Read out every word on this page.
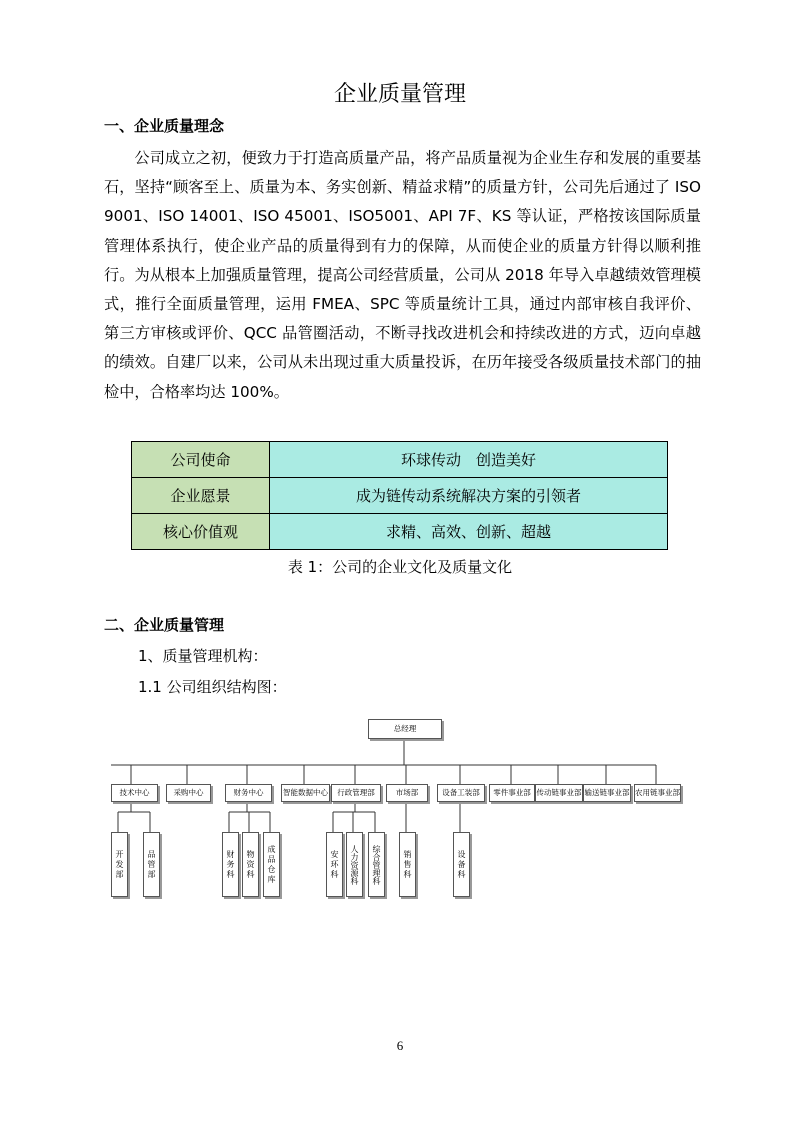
企业质量管理
一、企业质量理念

公司成立之初，便致力于打造高质量产品，将产品质量视为企业生存和发展的重要基石，坚持“顾客至上、质量为本、务实创新、精益求精”的质量方针，公司先后通过了 ISO 9001、ISO 14001、ISO 45001、ISO5001、API 7F、KS 等认证，严格按该国际质量管理体系执行，使企业产品的质量得到有力的保障，从而使企业的质量方针得以顺利推行。为从根本上加强质量管理，提高公司经营质量，公司从 2018 年导入卓越绩效管理模式，推行全面质量管理，运用 FMEA、SPC 等质量统计工具，通过内部审核自我评价、第三方审核或评价、QCC 品管圈活动，不断寻找改进机会和持续改进的方式，迈向卓越的绩效。自建厂以来，公司从未出现过重大质量投诉，在历年接受各级质量技术部门的抽检中，合格率均达 100%。

公司使命	环球传动　创造美好
企业愿景	成为链传动系统解决方案的引领者
核心价值观	求精、高效、创新、超越
表 1：公司的企业文化及质量文化
二、企业质量管理
1、质量管理机构：
1.1 公司组织结构图：
总经理
技术中心	采购中心	财务中心	智能数据中心	行政管理部	市场部	设备工装部	零件事业部 传动链事业部 输送链事业部 农用链事业部
开发部	品管部	财务科	物资科	成品仓库	安环科	人力资源科	综合管理科	销售科	设备科
6
